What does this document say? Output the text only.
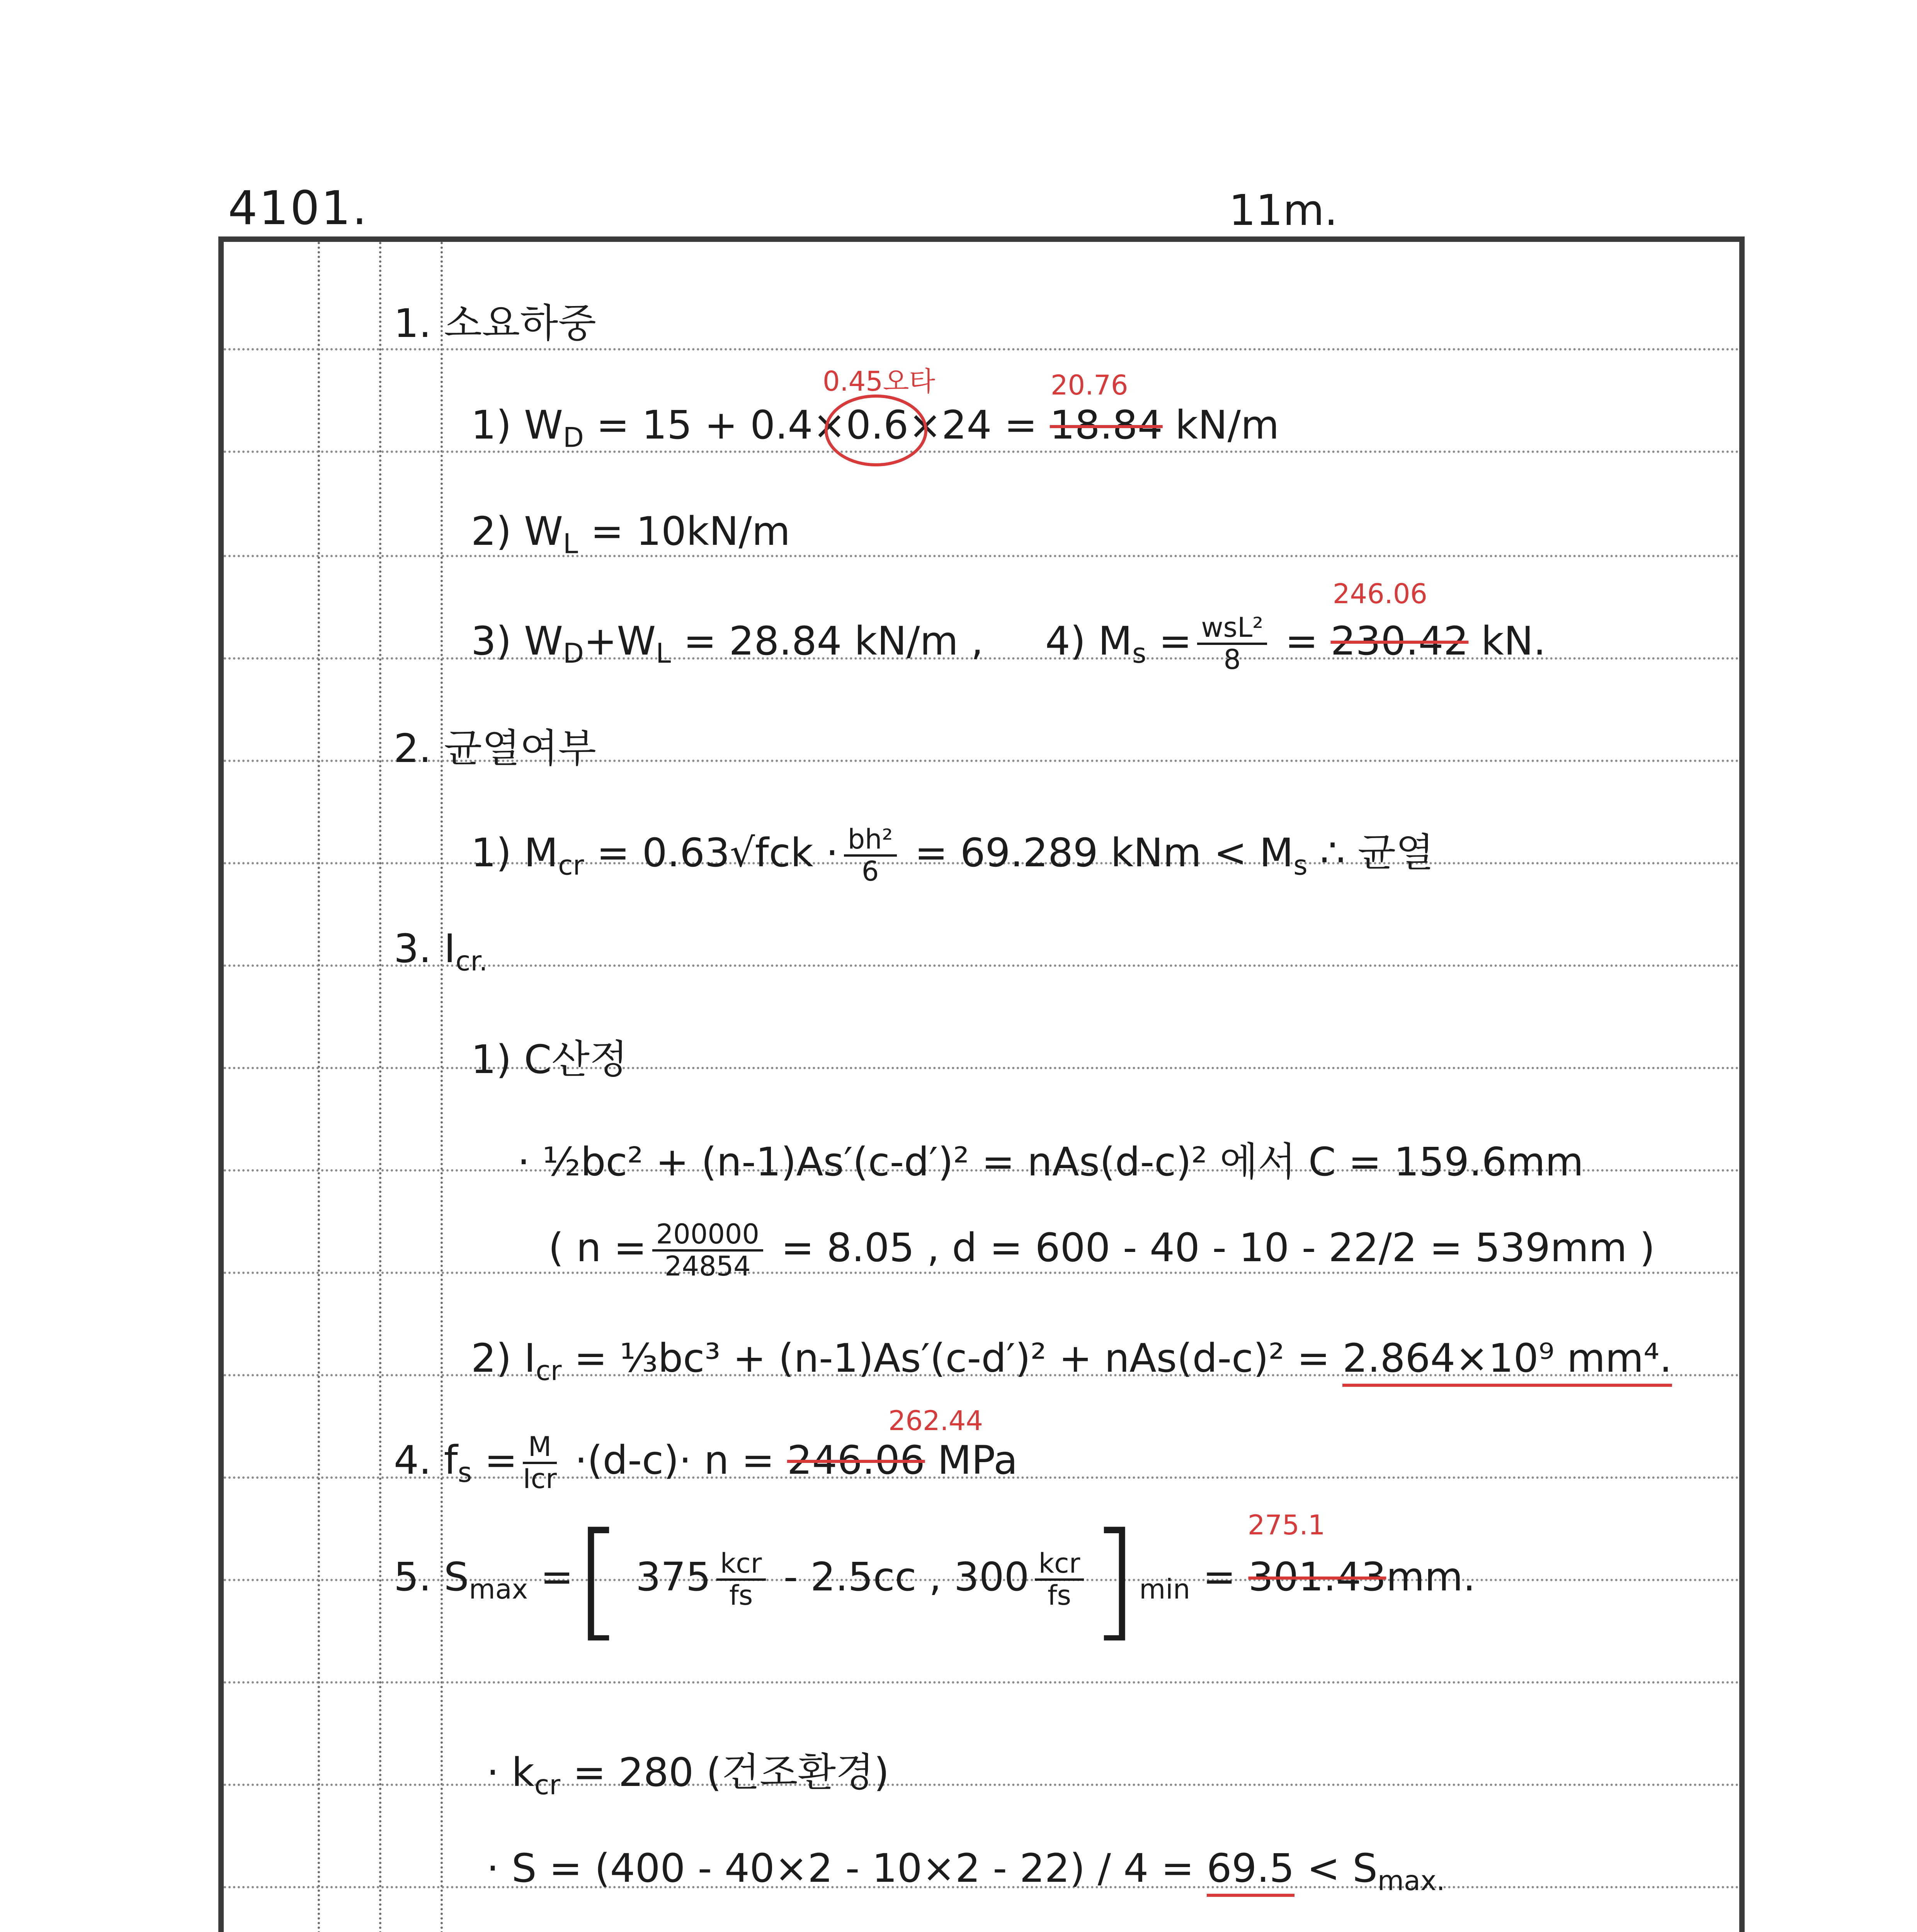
4101.	11m.
1. 소요하중
0.45오타	20.76
1) $W_D = 15 + 0.4\times 0.6\times 24 = 18.84$ kN/m
2) $W_L = 10kN/m$
246.06
3) $W_D+W_L = 28.84$ kN/m , 4) $M_s = \frac{\text{wsL²}}{8} = 230.42$ kN.
2. 균열여부
1) $M_{cr} = 0.63√fck \cdot \frac{\text{bh²}}{6} = 69.289$ kNm < $M_s$ ∴ 균열
3. $I_{cr.}$
1) C산정
· ½bc² + (n-1)As′(c-d′)² = nAs(d-c)² 에서 C = 159.6mm
( $n = \frac{200000}{24854} = 8.05$ , d = 600 - 40 - 10 - 22/2 = 539mm )
2) $I_{cr}$ = ⅓bc³ + (n-1)As′(c-d′)² + nAs(d-c)² = 2.864×10⁹ mm⁴.
262.44
4. $f_s = \frac{M}{\text{Icr}} \cdot(d-c)\cdot n = 246.06$ MPa
275.1
5. $S_{max}$ =[ $375 \frac{\text{kcr}}{fs} - 2.5cc$ , $300 \frac{\text{kcr}}{fs} ]_{min} = 301.43mm$.
· $k_{cr} = 280$ (건조환경)
· $S = (400 - 40\times 2 - 10\times 2 - 22) / 4 = 69.5 < S_{max.}$
